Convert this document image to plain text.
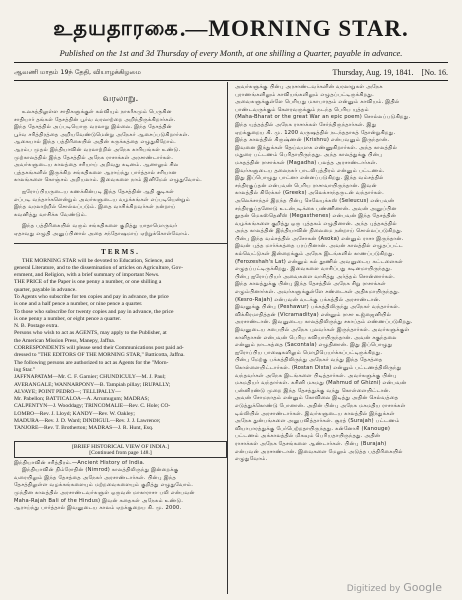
உதயதாரகை .— MORNING STAR.
Published on the 1st and 3d Thursday of every Month, at one shilling a Quarter, payable in advance.
ஆவணி மாதம் 19ந் தேதி, வியாழக்கிழமை	Thursday, Aug. 19, 1841. [No. 16.
வரலாறு.
உலகத்திலுள்ள சாதிகளுக்குள் கல்வியும் நாகரீகமும் பெருகின
சாதியார் தங்கள் தேசத்தின் பூர்வ வரலாற்றை அறிந்திருக்கிறார்கள்.
இந்த தேசத்தில் அப்படியொரு வரலாறு இல்லை. இந்த தேசத்தின்
பூர்வ சரித்திரத்தை அறியவேண்டுமென்று அநேகர் ஆசைப்படுகிறார்கள்.
ஆகையால் இந்த பத்திரிகையில் அதின் சுருக்கத்தை எழுதுகிறோம்.
ஆரம்ப முதல் இந்தியாவின் வரலாற்றில் அநேக காரியங்கள் உண்டு.
முற்காலத்தில் இந்த தேசத்தில் அநேக ராசாக்கள் அரசாண்டார்கள்.
அவர்களுடைய காலத்தை சரியாய் அறிவது கடினம். ஆனாலும் சில
புத்தகங்களில் இருக்கிற சங்கதிகளை ஆராய்ந்து பார்த்தால் சரியான
காலங்களை கொஞ்சம் அறியலாம். இவைகளை நாம் இனிமேல் எழுதுவோம்.
ஐரோப்பியருடைய கணக்கின்படி இந்த தேசத்தின் ஆதி குடிகள்
எப்படி வந்தார்களென்றும் அவர்களுடைய வழக்கங்கள் எப்படியென்றும்
இந்த வரலாற்றில் சொல்லப்படும். இதை வாசிக்கிறவர்கள் நன்றாய்
கவனித்து வாசிக்க வேண்டும்.
இந்த பத்திரிகையில் வரும் சங்கதிகளை குறித்து யாதாமொருவர்
ஏதாவது எழுதி அனுப்பினால் அதை சந்தோஷமாய் ஏற்றுக்கொள்வோம்.
TERMS.
THE MORNING STAR will be devoted to Education, Science, and
general Literature, and to the dissemination of articles on Agriculture, Gov-
ernment, and Religion, with a brief summary of important News.
THE PRICE of the Paper is one penny a number, or one shilling a
quarter, payable in advance.
To Agents who subscribe for ten copies and pay in advance, the price
is one and a half pence a number, or nine pence a quarter.
To those who subscribe for twenty copies and pay in advance, the price
is one penny a number, or eight pence a quarter.
N. B. Postage extra.
Persons who wish to act as AGENTS, may apply to the Publisher, at
the American Mission Press, Manepy, Jaffna.
CORRESPONDENTS will please send their Communications post paid ad-
dressed to "THE EDITORS OF THE MORNING STAR," Batticotta, Jaffna.
The following persons are authorized to act as Agents for the "Morn-
ing Star."
JAFFNAPATAM—Mr. C. F. Garnier; CHUNDICULY—M. J. Paul;
AVERANGALE; WANNARPONY—B. Tampiah pillay; IRUPALLY;
ALVAYE; POINT PEDRO—; TELLIPALLY—
Mr. Pabellon; BATTICALOA—A. Arrumugum; MADRAS;
CALPENTYN—J. Wooddagy; TRINCOMALIE—Rev. C. Hole; CO-
LOMBO—Rev. J. Lloyd; KANDY—Rev. W. Oakley;
MADURA—Rev. J. D. Ward; DINDIGUL—Rev. J. J. Lawrence;
TANJORE—Rev. T. Brotherton; MADRAS—J. R. Hunt, Esq.
[BRIEF HISTORICAL VIEW OF INDIA.]
[Continued from page 148.]
இந்தியாவின் சரித்திரம்.—Ancient History of India.
இந்தியாவின் நிம்ரோதின் (Nimrod) காலத்திலிருந்து இன்றைக்கு
வரையிலும் இந்த தேசத்தை அநேகர் அரசாண்டார்கள். பின்பு இந்த
தேசத்திலுள்ள வழக்கங்களையும் மற்றவைகளையும் குறித்து எழுதுவோம்.
முந்தின காலத்தில் அரசாண்டவர்களுள் ஒருவன் மாகாராசா பலி என்பவன்
Maha-Rajah Bali of the Hindus) இவன் கதைகள் அநேகம் உண்டு.
ஆராய்ந்து பார்த்தால் இவனுடைய காலம் ஏறக்குறைய கி. மு. 2000.
அவர்களுக்கு பின்பு அரசாண்டவர்களின் வரலாறுகள் அநேக
புராணங்களிலும் காவியங்களிலும் எழுதப்பட்டிருக்கிறது.
அவைகளுக்குள்ளே பெரியது மகாபாரதம் என்னும் காவியம். இதில்
பாண்டவருக்கும் கௌரவருக்கும் நடந்த பெரிய யுத்தம்
(Maha-Bharat or the great War an epic poem) சொல்லப்படுகிறது.
இந்த யுத்தத்தில் அநேக ராசாக்கள் சேர்ந்திருந்தார்கள். இது
ஏறக்குறைய கி. மு. 1200 வருஷத்தில் நடந்ததாகத் தோன்றுகிறது.
இந்த காலத்தில் கிருஷ்ணன் (Krishnu) என்பவனும் இருந்தான்.
இவனை இந்துக்கள் தெய்வமாக எண்ணுகிறார்கள். அந்த காலத்தில்
மதுரை பட்டணம் பெரிதாயிருந்தது. அந்த காலத்துக்கு பின்பு
மகதத்தின் ராசாக்கள் (Magadha) பலத்த அரசாண்டார்கள்.
இவர்களுடைய தலைநகர் பாடலிபுத்திரம் என்னும் பட்டணம்.
இது இப்பொழுது பாட்னா என்னப்படுகிறது. இந்த வம்சத்தில்
சந்திரகுப்தன் என்பவன் பெரிய ராசாவாயிருந்தான். இவன்
காலத்தில் கிரேக்கர் (Greeks) அலெக்சாந்தருடன் வந்தார்கள்.
அலெக்சாந்தர் இறந்த பின்பு செலேயுக்கஸ் (Seleucus) என்பவன்
சந்திரகுப்தனோடு உடன்படிக்கை பண்ணினான். அவன் அனுப்பின
தூதன் மெகஸ்தெனீஸ் (Megasthenes) என்பவன் இந்த தேசத்தின்
வழக்கங்களை குறித்து ஒரு புத்தகம் எழுதினான். அந்த புத்தகத்தில்
அந்த காலத்தின் இந்தியாவின் நிலைமை நன்றாய் சொல்லப்படுகிறது.
பின்பு இந்த வம்சத்தில் அசோகன் (Asoka) என்னும் ராசா இருந்தான்.
இவன் புத்த மார்க்கத்தை பரப்பினான். அவன் காலத்தில் எழுதப்பட்ட
கல்வெட்டுகள் இன்றைக்கும் அநேக இடங்களில் காணப்படுகிறது.
(Ferozeshah's Lat) என்னும் கல் தூணில் அவனுடைய கட்டளைகள்
எழுதப்பட்டிருக்கிறது. இவைகளை வாசிப்பது கடினமாயிருந்தது.
பின்பு ஐரோப்பியர் அவைகளை வாசித்து அர்த்தம் சொன்னார்கள்.
இந்த காலத்துக்கு பின்பு இந்த தேசத்தில் அநேக சிறு ராசாக்கள்
எழும்பினார்கள். அவர்களுக்குள்ளே சண்டைகள் அதிகமாயிருந்தது.
(Kesro-Rajah) என்பவன் வடக்கு பக்கத்தில் அரசாண்டான்.
இவனுக்கு பின்பு (Peshawur) பக்கத்திலிருந்து அநேகர் வந்தார்கள்.
விக்கிரமாதித்தன் (Vicramaditya) என்னும் ராசா உஜ்ஜைனியில்
அரசாண்டான். இவனுடைய காலத்திலிருந்து சகாப்தம் எண்ணப்படுகிறது.
இவனுடைய சபையில் அநேக புலவர்கள் இருந்தார்கள். அவர்களுக்குள்
காளிதாசன் என்பவன் பெரிய கவியாயிருந்தான். அவன் சகுந்தலை
என்னும் நாடகத்தை (Sacontala) எழுதினான். இது இப்பொழுது
ஐரோப்பிய பாஷைகளிலும் மொழிபெயர்க்கப்பட்டிருக்கிறது.
பின்பு மேற்கு பக்கத்திலிருந்து அநேகர் வந்து இந்த தேசத்தை
கொள்ளையிட்டார்கள். (Rostan Dista) என்னும் பட்டணத்திலிருந்து
வந்தவர்கள் அநேக இடங்களை பிடித்தார்கள். அவர்களுக்கு பின்பு
மகமதியர் வந்தார்கள். கசினி மகமது (Mahmud of Ghizni) என்பவன்
பன்னிரண்டு முறை இந்த தேசத்துக்கு வந்து கொள்ளையிட்டான்.
அவன் சோமநாதம் என்னும் கோவிலை இடித்து அதின் செல்வத்தை
எடுத்துக்கொண்டு போனான். அதின் பின்பு அநேக மகமதிய ராசாக்கள்
டில்லியில் அரசாண்டார்கள். இவர்களுடைய காலத்தில் இந்துக்கள்
அநேக துன்பங்களை அனுபவித்தார்கள். சூரத் (Surajah) பட்டணம்
வியாபாரத்துக்கு பேர்பெற்றதாயிருந்தது. கன்னோசி (Kanouge)
பட்டணம் அக்காலத்தில் மிகவும் பெரியதாயிருந்தது. அதின்
ராசாக்கள் அநேக தேசங்களை ஆண்டார்கள். பின்பு (Burajah)
என்பவன் அரசாண்டான். இவைகளை மேலும் அடுத்த பத்திரிகையில்
எழுதுவோம்.
Digitized by Google
